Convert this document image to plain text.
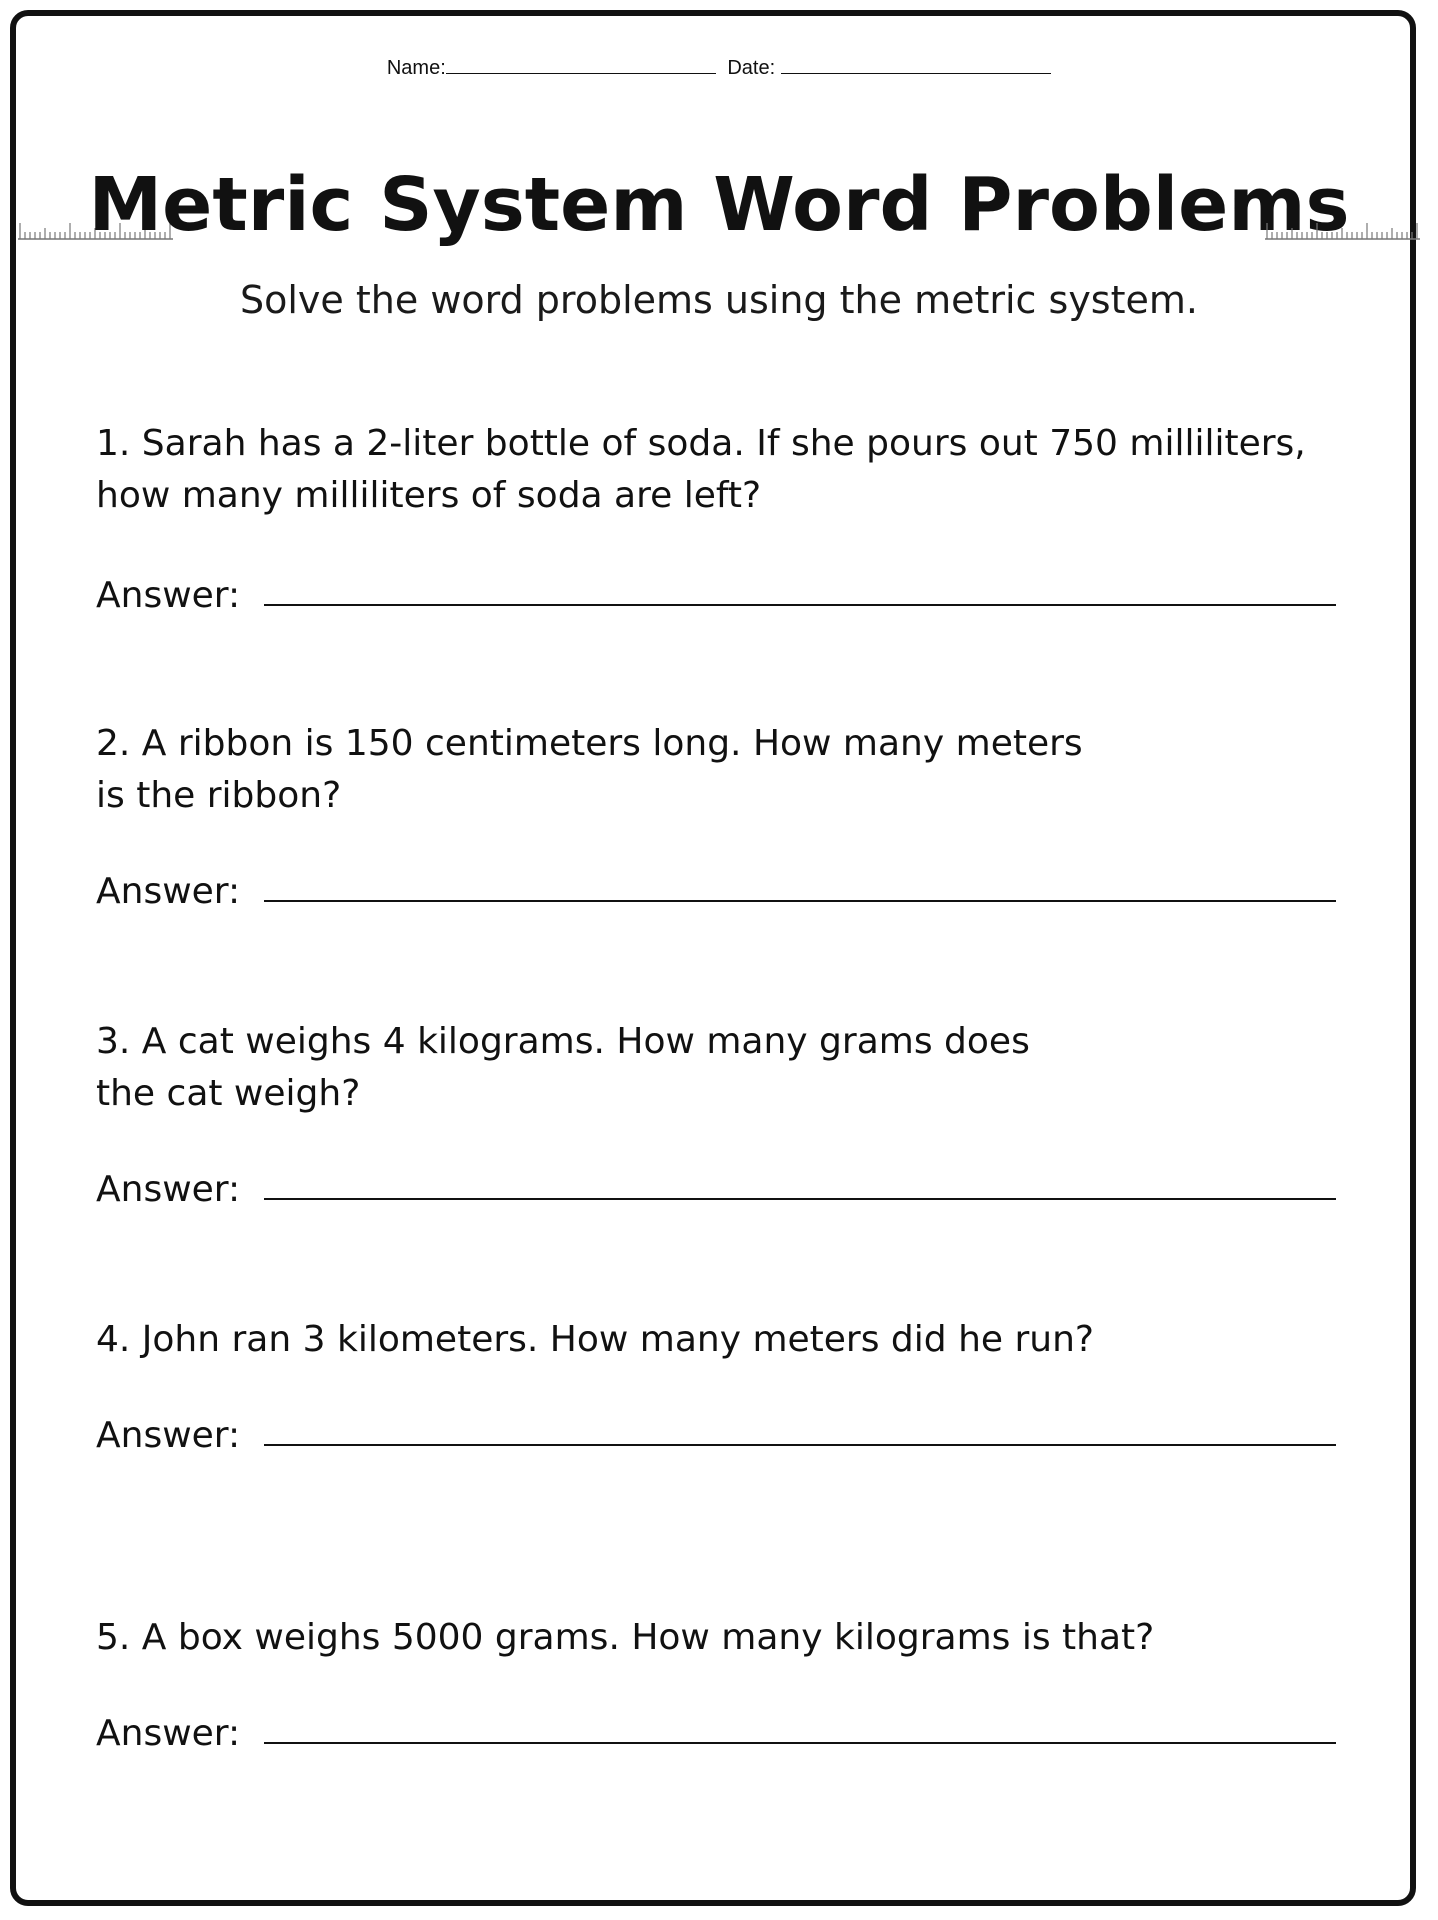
Name:	Date:
Metric System Word Problems
Solve the word problems using the metric system.
1. Sarah has a 2-liter bottle of soda. If she pours out 750 milliliters,
how many milliliters of soda are left?
Answer:
2. A ribbon is 150 centimeters long. How many meters
is the ribbon?
Answer:
3. A cat weighs 4 kilograms. How many grams does
the cat weigh?
Answer:
4. John ran 3 kilometers. How many meters did he run?
Answer:
5. A box weighs 5000 grams. How many kilograms is that?
Answer:
